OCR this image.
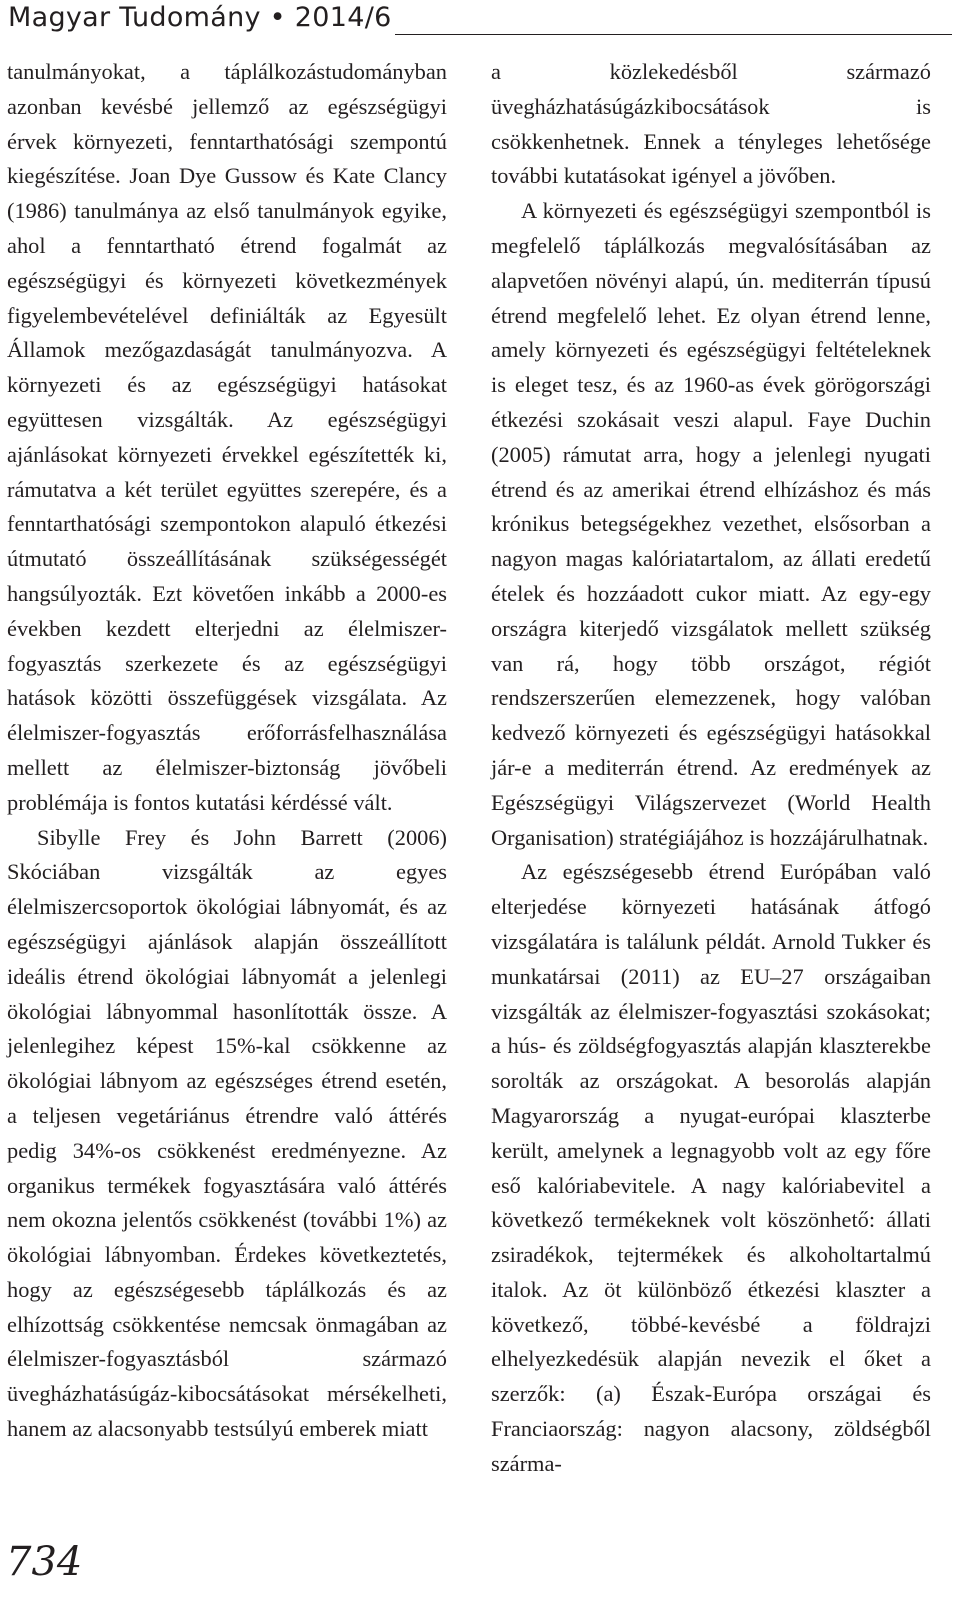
Magyar Tudomány • 2014/6

tanulmányokat, a táplálkozástudományban azonban kevésbé jellemző az egészségügyi érvek környezeti, fenntarthatósági szempontú kiegészítése. Joan Dye Gussow és Kate Clancy (1986) tanulmánya az első tanulmányok egyike, ahol a fenntartható étrend fogalmát az egészségügyi és környezeti következmények figyelembevételével definiálták az Egyesült Államok mezőgazdaságát tanulmányozva. A környezeti és az egészségügyi hatásokat együttesen vizsgálták. Az egészségügyi ajánlásokat környezeti érvekkel egészítették ki, rámutatva a két terület együttes szerepére, és a fenntarthatósági szempontokon alapuló étkezési útmutató összeállításának szükségességét hangsúlyozták. Ezt követően inkább a 2000-es években kezdett elterjedni az élelmiszer-fogyasztás szerkezete és az egészségügyi hatások közötti összefüggések vizsgálata. Az élelmiszer-fogyasztás erőforrásfelhasználása mellett az élelmiszer-biztonság jövőbeli problémája is fontos kutatási kérdéssé vált.

Sibylle Frey és John Barrett (2006) Skóciában vizsgálták az egyes élelmiszercsoportok ökológiai lábnyomát, és az egészségügyi ajánlások alapján összeállított ideális étrend ökológiai lábnyomát a jelenlegi ökológiai lábnyommal hasonlították össze. A jelenlegihez képest 15%-kal csökkenne az ökológiai lábnyom az egészséges étrend esetén, a teljesen vegetáriánus étrendre való áttérés pedig 34%-os csökkenést eredményezne. Az organikus termékek fogyasztására való áttérés nem okozna jelentős csökkenést (további 1%) az ökológiai lábnyomban. Érdekes következtetés, hogy az egészségesebb táplálkozás és az elhízottság csökkentése nemcsak önmagában az élelmiszer-fogyasztásból származó üvegházhatásúgáz-kibocsátásokat mérsékelheti, hanem az alacsonyabb testsúlyú emberek miatt

a közlekedésből származó üvegházhatásúgázkibocsátások is csökkenhetnek. Ennek a tényleges lehetősége további kutatásokat igényel a jövőben.

A környezeti és egészségügyi szempontból is megfelelő táplálkozás megvalósításában az alapvetően növényi alapú, ún. mediterrán típusú étrend megfelelő lehet. Ez olyan étrend lenne, amely környezeti és egészségügyi feltételeknek is eleget tesz, és az 1960-as évek görögországi étkezési szokásait veszi alapul. Faye Duchin (2005) rámutat arra, hogy a jelenlegi nyugati étrend és az amerikai étrend elhízáshoz és más krónikus betegségekhez vezethet, elsősorban a nagyon magas kalóriatartalom, az állati eredetű ételek és hozzáadott cukor miatt. Az egy-egy országra kiterjedő vizsgálatok mellett szükség van rá, hogy több országot, régiót rendszerszerűen elemezzenek, hogy valóban kedvező környezeti és egészségügyi hatásokkal jár-e a mediterrán étrend. Az eredmények az Egészségügyi Világszervezet (World Health Organisation) stratégiájához is hozzájárulhatnak.

Az egészségesebb étrend Európában való elterjedése környezeti hatásának átfogó vizsgálatára is találunk példát. Arnold Tukker és munkatársai (2011) az EU–27 országaiban vizsgálták az élelmiszer-fogyasztási szokásokat; a hús- és zöldségfogyasztás alapján klaszterekbe sorolták az országokat. A besorolás alapján Magyarország a nyugat-európai klaszterbe került, amelynek a legnagyobb volt az egy főre eső kalóriabevitele. A nagy kalóriabevitel a következő termékeknek volt köszönhető: állati zsiradékok, tejtermékek és alkoholtartalmú italok. Az öt különböző étkezési klaszter a következő, többé-kevésbé a földrajzi elhelyezkedésük alapján nevezik el őket a szerzők: (a) Észak-Európa országai és Franciaország: nagyon alacsony, zöldségből szárma-

734
